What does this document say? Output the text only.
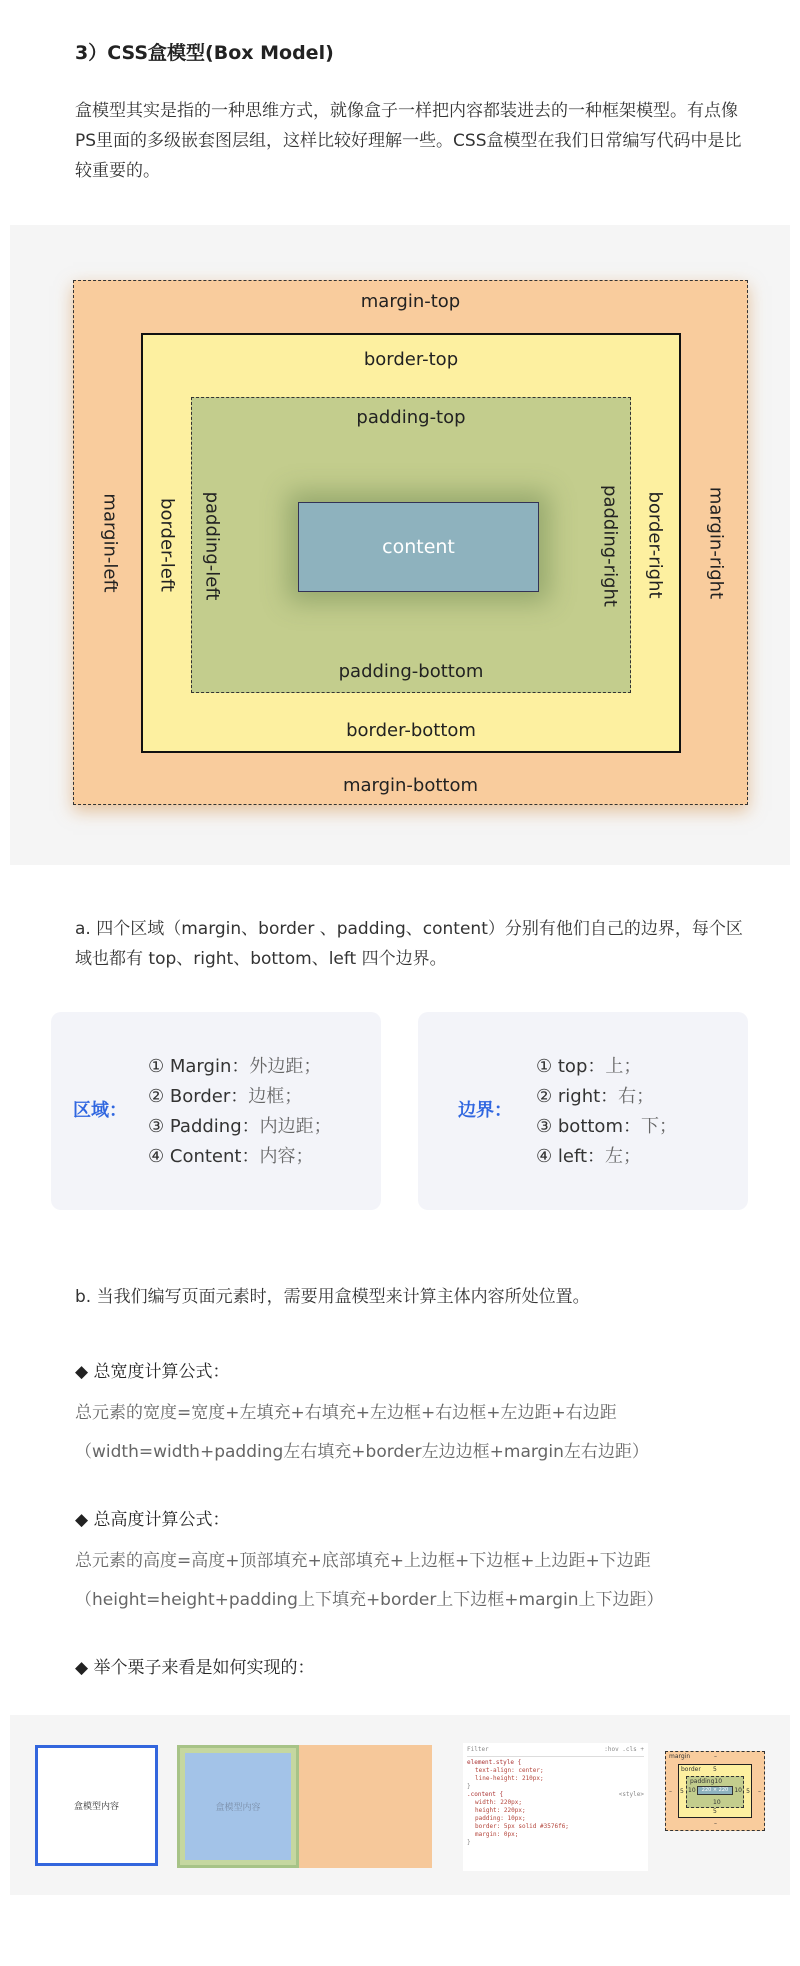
3）CSS盒模型(Box Model)
盒模型其实是指的一种思维方式，就像盒子一样把内容都装进去的一种框架模型。有点像PS里面的多级嵌套图层组，这样比较好理解一些。CSS盒模型在我们日常编写代码中是比较重要的。
margin-top
margin-bottom
margin-left	margin-right
border-top
border-bottom
border-left	border-right
padding-top
padding-bottom
padding-left	padding-right
content
a. 四个区域（margin、border 、padding、content）分别有他们自己的边界，每个区域也都有 top、right、bottom、left 四个边界。
区域：
① Margin：外边距；
② Border：边框；
③ Padding：内边距；
④ Content：内容；
边界：
① top：上；
② right：右；
③ bottom：下；
④ left：左；
b. 当我们编写页面元素时，需要用盒模型来计算主体内容所处位置。
◆ 总宽度计算公式：
总元素的宽度=宽度+左填充+右填充+左边框+右边框+左边距+右边距
（width=width+padding左右填充+border左边边框+margin左右边距）
◆ 总高度计算公式：
总元素的高度=高度+顶部填充+底部填充+上边框+下边框+上边距+下边距
（height=height+padding上下填充+border上下边框+margin上下边距）
◆ 举个栗子来看是如何实现的：
盒模型内容	盒模型内容
Filter	:hov .cls +
element.style {
text-align: center;
line-height: 210px;
}
.content {	<style>
width: 220px;
height: 220px;
padding: 10px;
border: 5px solid #3576f6;
margin: 0px;
}
margin	–
–
–	–
border 5
5
5	5
padding10
10
10	10
220 × 220
